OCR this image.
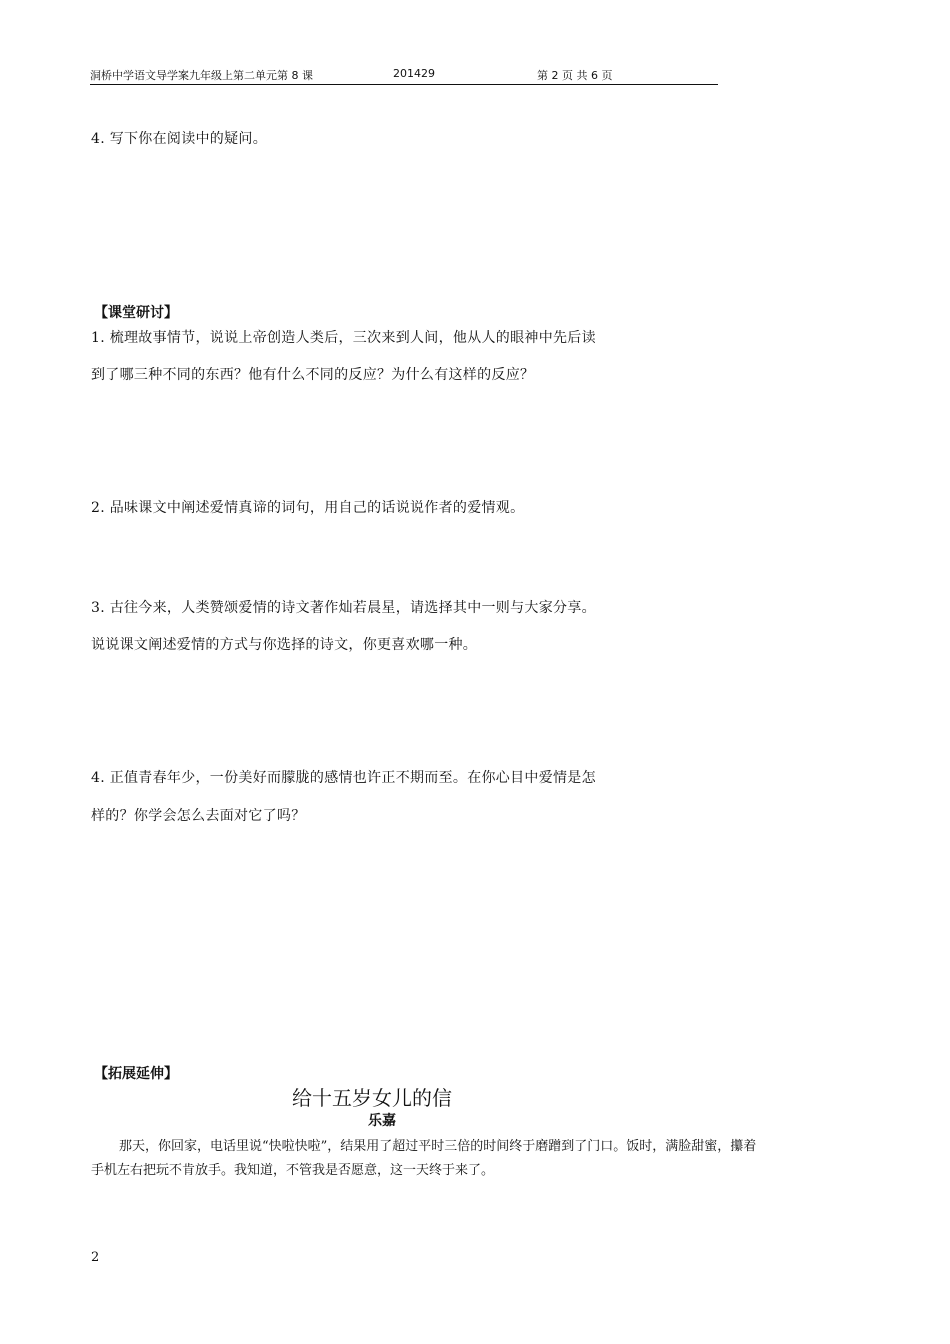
洞桥中学语文导学案九年级上第二单元第 8 课	201429	第 2 页 共 6 页
4. 写下你在阅读中的疑问。
【课堂研讨】
1. 梳理故事情节，说说上帝创造人类后，三次来到人间，他从人的眼神中先后读
到了哪三种不同的东西？他有什么不同的反应？为什么有这样的反应？
2. 品味课文中阐述爱情真谛的词句，用自己的话说说作者的爱情观。
3. 古往今来，人类赞颂爱情的诗文著作灿若晨星，请选择其中一则与大家分享。
说说课文阐述爱情的方式与你选择的诗文，你更喜欢哪一种。
4. 正值青春年少，一份美好而朦胧的感情也许正不期而至。在你心目中爱情是怎
样的？你学会怎么去面对它了吗？
【拓展延伸】
给十五岁女儿的信
乐嘉
那天，你回家，电话里说“快啦快啦”，结果用了超过平时三倍的时间终于磨蹭到了门口。饭时，满脸甜蜜，攥着手机左右把玩不肯放手。我知道，不管我是否愿意，这一天终于来了。
2
